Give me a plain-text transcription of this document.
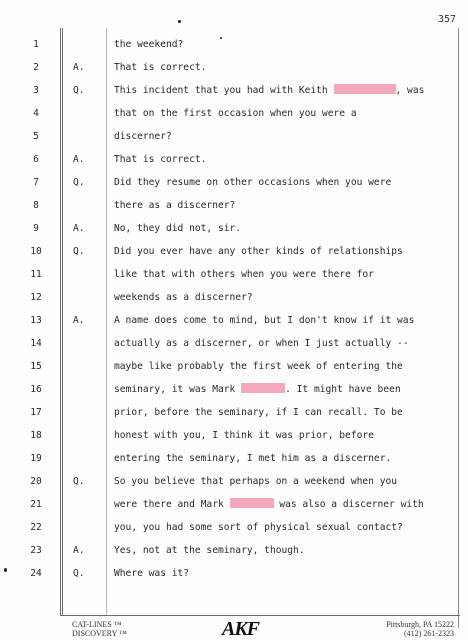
357
1	the weekend?
2	A.	That is correct.
3	Q.	This incident that you had with Keith	, was
4	that on the first occasion when you were a
5	discerner?
6	A.	That is correct.
7	Q.	Did they resume on other occasions when you were
8	there as a discerner?
9	A.	No, they did not, sir.
10	Q.	Did you ever have any other kinds of relationships
11	like that with others when you were there for
12	weekends as a discerner?
13	A.	A name does come to mind, but I don't know if it was
14	actually as a discerner, or when I just actually --
15	maybe like probably the first week of entering the
16	seminary, it was Mark	. It might have been
17	prior, before the seminary, if I can recall. To be
18	honest with you, I think it was prior, before
19	entering the seminary, I met him as a discerner.
20	Q.	So you believe that perhaps on a weekend when you
21	were there and Mark	was also a discerner with
22	you, you had some sort of physical sexual contact?
23	A.	Yes, not at the seminary, though.
24	Q.	Where was it?
CAT-LINES ™
DISCOVERY ™	AKF	Pittsburgh, PA 15222
(412) 261-2323
